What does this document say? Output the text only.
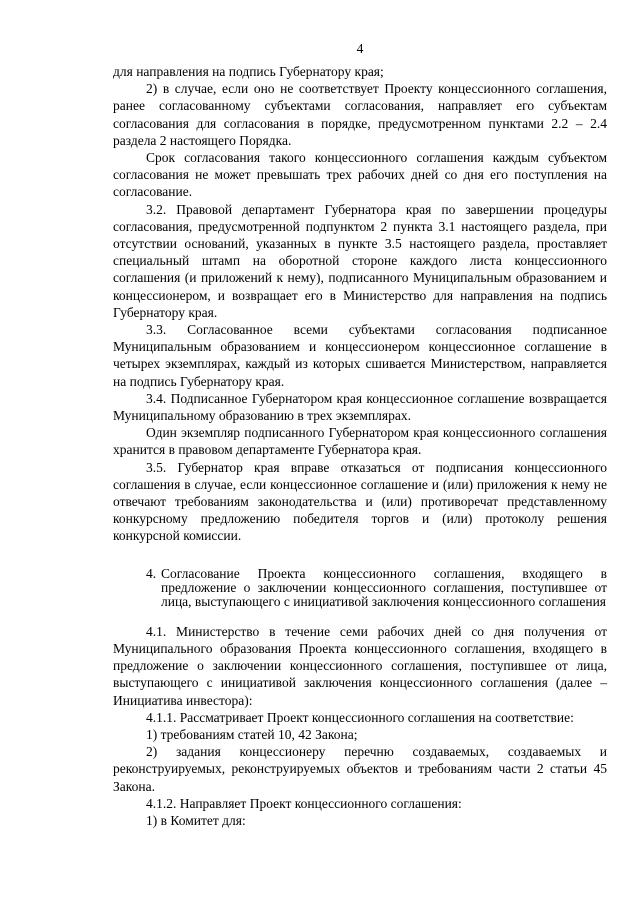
4

для направления на подпись Губернатору края;

2) в случае, если оно не соответствует Проекту концессионного соглашения, ранее согласованному субъектами согласования, направляет его субъектам согласования для согласования в порядке, предусмотренном пунктами 2.2 – 2.4 раздела 2 настоящего Порядка.

Срок согласования такого концессионного соглашения каждым субъектом согласования не может превышать трех рабочих дней со дня его поступления на согласование.

3.2. Правовой департамент Губернатора края по завершении процедуры согласования, предусмотренной подпунктом 2 пункта 3.1 настоящего раздела, при отсутствии оснований, указанных в пункте 3.5 настоящего раздела, проставляет специальный штамп на оборотной стороне каждого листа концессионного соглашения (и приложений к нему), подписанного Муниципальным образованием и концессионером, и возвращает его в Министерство для направления на подпись Губернатору края.

3.3. Согласованное всеми субъектами согласования подписанное Муниципальным образованием и концессионером концессионное соглашение в четырех экземплярах, каждый из которых сшивается Министерством, направляется на подпись Губернатору края.

3.4. Подписанное Губернатором края концессионное соглашение возвращается Муниципальному образованию в трех экземплярах.

Один экземпляр подписанного Губернатором края концессионного соглашения хранится в правовом департаменте Губернатора края.

3.5. Губернатор края вправе отказаться от подписания концессионного соглашения в случае, если концессионное соглашение и (или) приложения к нему не отвечают требованиям законодательства и (или) противоречат представленному конкурсному предложению победителя торгов и (или) протоколу решения конкурсной комиссии.

4. Согласование Проекта концессионного соглашения, входящего в предложение о заключении концессионного соглашения, поступившее от лица, выступающего с инициативой заключения концессионного соглашения

4.1. Министерство в течение семи рабочих дней со дня получения от Муниципального образования Проекта концессионного соглашения, входящего в предложение о заключении концессионного соглашения, поступившее от лица, выступающего с инициативой заключения концессионного соглашения (далее – Инициатива инвестора):

4.1.1. Рассматривает Проект концессионного соглашения на соответствие:

1) требованиям статей 10, 42 Закона;

2) задания концессионеру перечню создаваемых, создаваемых и реконструируемых, реконструируемых объектов и требованиям части 2 статьи 45 Закона.

4.1.2. Направляет Проект концессионного соглашения:

1) в Комитет для:
